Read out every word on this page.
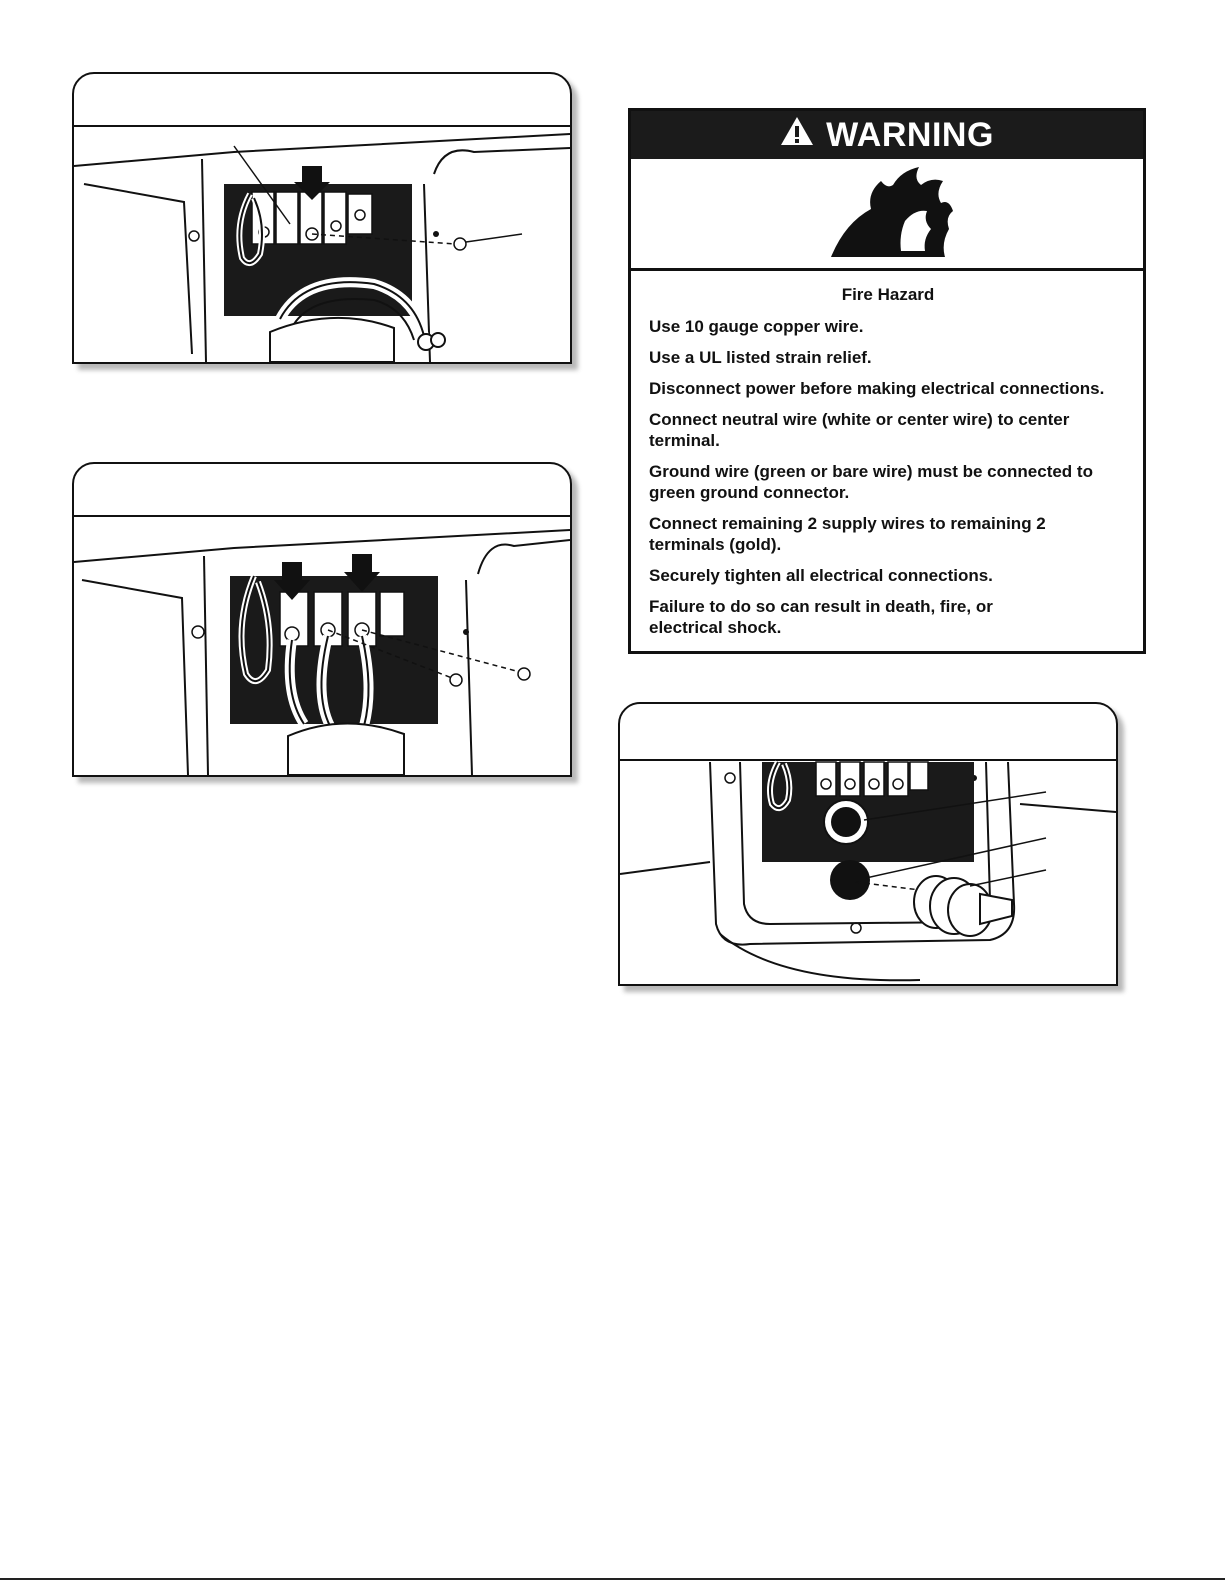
WARNING
Fire Hazard
Use 10 gauge copper wire.
Use a UL listed strain relief.
Disconnect power before making electrical connections.
Connect neutral wire (white or center wire) to center terminal.
Ground wire (green or bare wire) must be connected to green ground connector.
Connect remaining 2 supply wires to remaining 2 terminals (gold).
Securely tighten all electrical connections.
Failure to do so can result in death, fire, or electrical shock.
